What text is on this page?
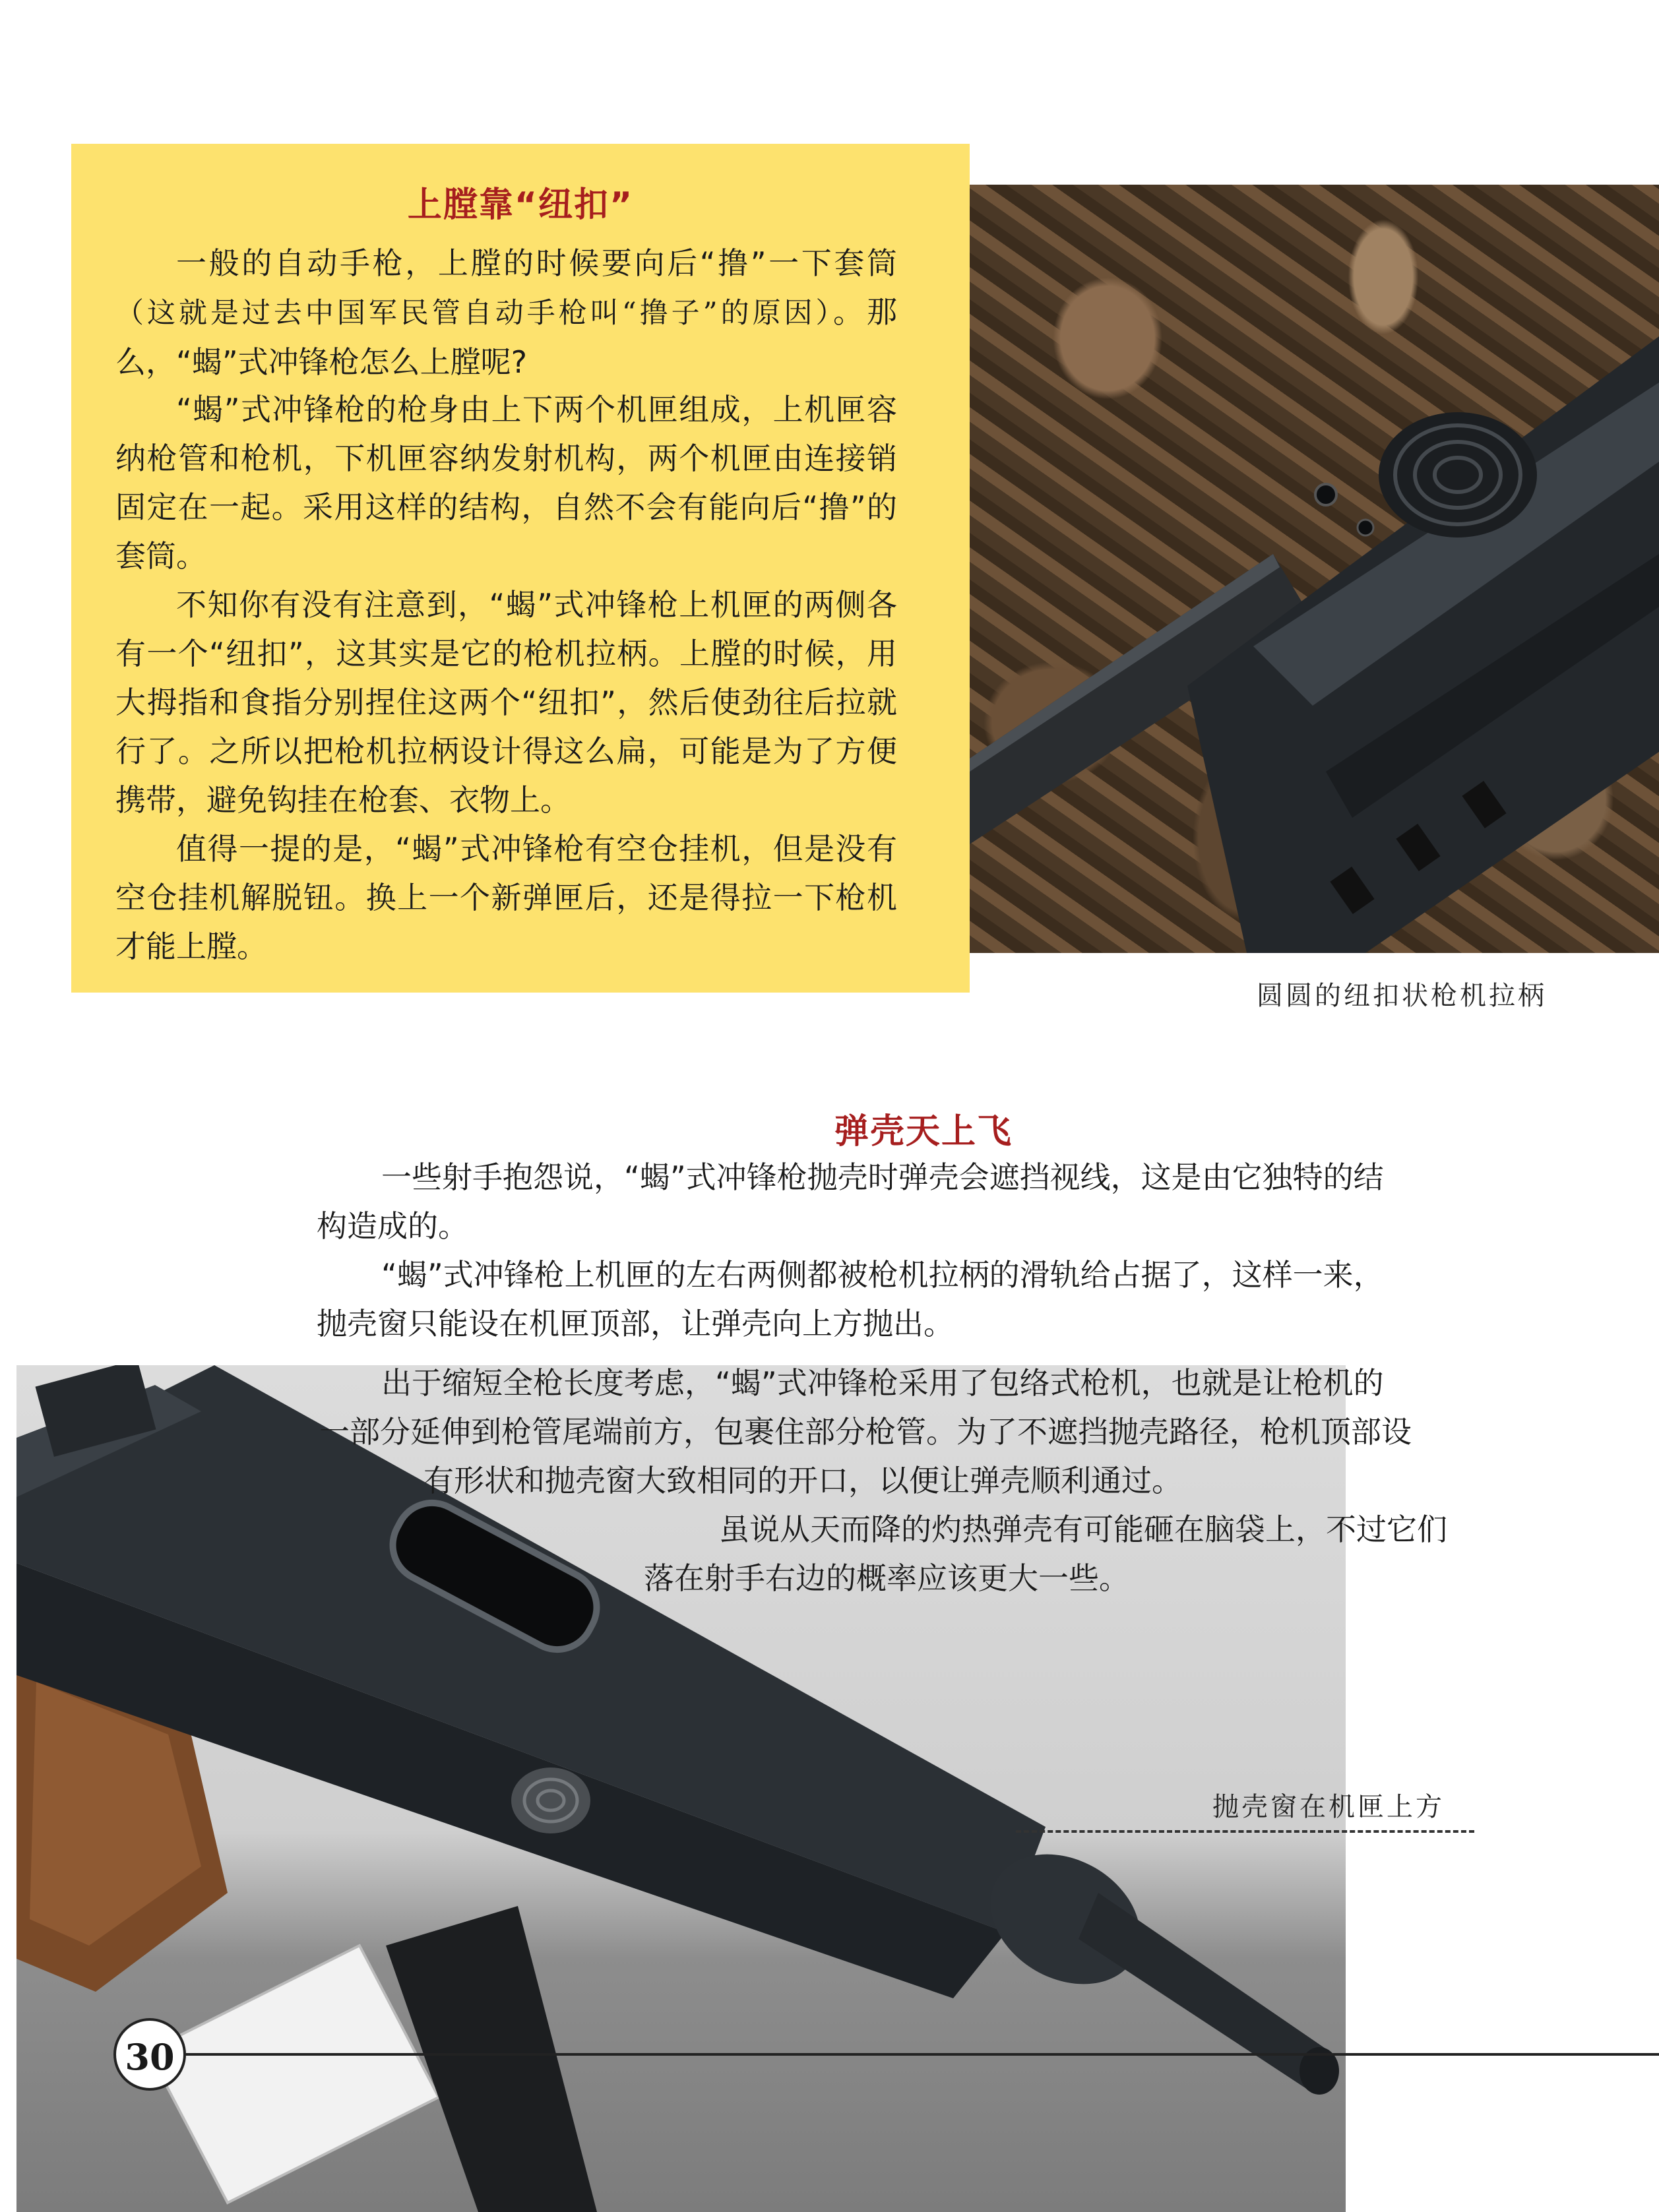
上膛靠“纽扣”

一般的自动手枪，上膛的时候要向后“撸”一下套筒（这就是过去中国军民管自动手枪叫“撸子”的原因）。那么，“蝎”式冲锋枪怎么上膛呢?

“蝎”式冲锋枪的枪身由上下两个机匣组成，上机匣容纳枪管和枪机，下机匣容纳发射机构，两个机匣由连接销固定在一起。采用这样的结构，自然不会有能向后“撸”的套筒。

不知你有没有注意到，“蝎”式冲锋枪上机匣的两侧各有一个“纽扣”，这其实是它的枪机拉柄。上膛的时候，用大拇指和食指分别捏住这两个“纽扣”，然后使劲往后拉就行了。之所以把枪机拉柄设计得这么扁，可能是为了方便携带，避免钩挂在枪套、衣物上。

值得一提的是，“蝎”式冲锋枪有空仓挂机，但是没有空仓挂机解脱钮。换上一个新弹匣后，还是得拉一下枪机才能上膛。

圆圆的纽扣状枪机拉柄
弹壳天上飞
一些射手抱怨说，“蝎”式冲锋枪抛壳时弹壳会遮挡视线，这是由它独特的结
构造成的。
“蝎”式冲锋枪上机匣的左右两侧都被枪机拉柄的滑轨给占据了，这样一来，
抛壳窗只能设在机匣顶部，让弹壳向上方抛出。
出于缩短全枪长度考虑，“蝎”式冲锋枪采用了包络式枪机，也就是让枪机的
一部分延伸到枪管尾端前方，包裹住部分枪管。为了不遮挡抛壳路径，枪机顶部设
有形状和抛壳窗大致相同的开口，以便让弹壳顺利通过。
虽说从天而降的灼热弹壳有可能砸在脑袋上，不过它们
落在射手右边的概率应该更大一些。
抛壳窗在机匣上方
30
